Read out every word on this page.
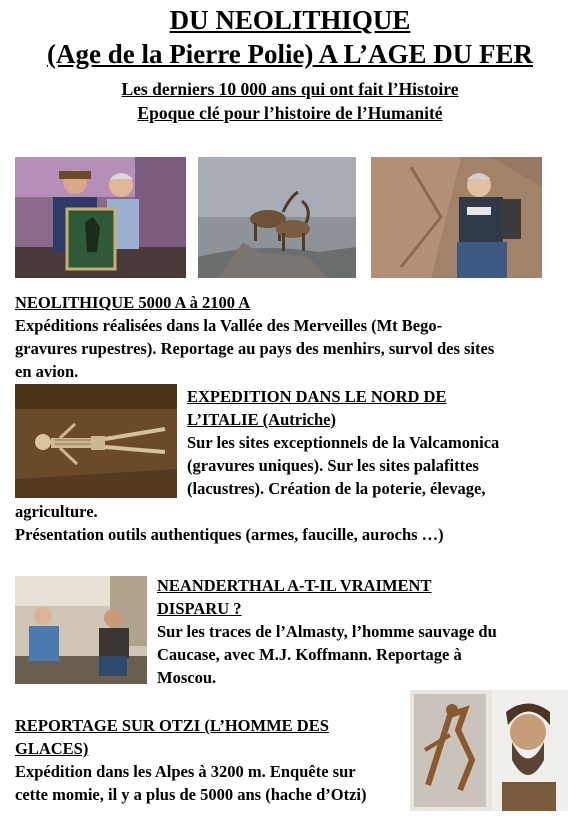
DU NEOLITHIQUE
(Age de la Pierre Polie) A L’AGE DU FER
Les derniers 10 000 ans qui ont fait l’Histoire
Epoque clé pour l’histoire de l’Humanité

NEOLITHIQUE 5000 A à 2100 A

Expéditions réalisées dans la Vallée des Merveilles (Mt Bego-

gravures rupestres). Reportage au pays des menhirs, survol des sites

en avion.

EXPEDITION DANS LE NORD DE

L’ITALIE (Autriche)

Sur les sites exceptionnels de la Valcamonica

(gravures uniques). Sur les sites palafittes

(lacustres). Création de la poterie, élevage,

agriculture.

Présentation outils authentiques (armes, faucille, aurochs …)

NEANDERTHAL A-T-IL VRAIMENT

DISPARU ?

Sur les traces de l’Almasty, l’homme sauvage du

Caucase, avec M.J. Koffmann. Reportage à

Moscou.

REPORTAGE SUR OTZI (L’HOMME DES

GLACES)

Expédition dans les Alpes à 3200 m. Enquête sur

cette momie, il y a plus de 5000 ans (hache d’Otzi)
